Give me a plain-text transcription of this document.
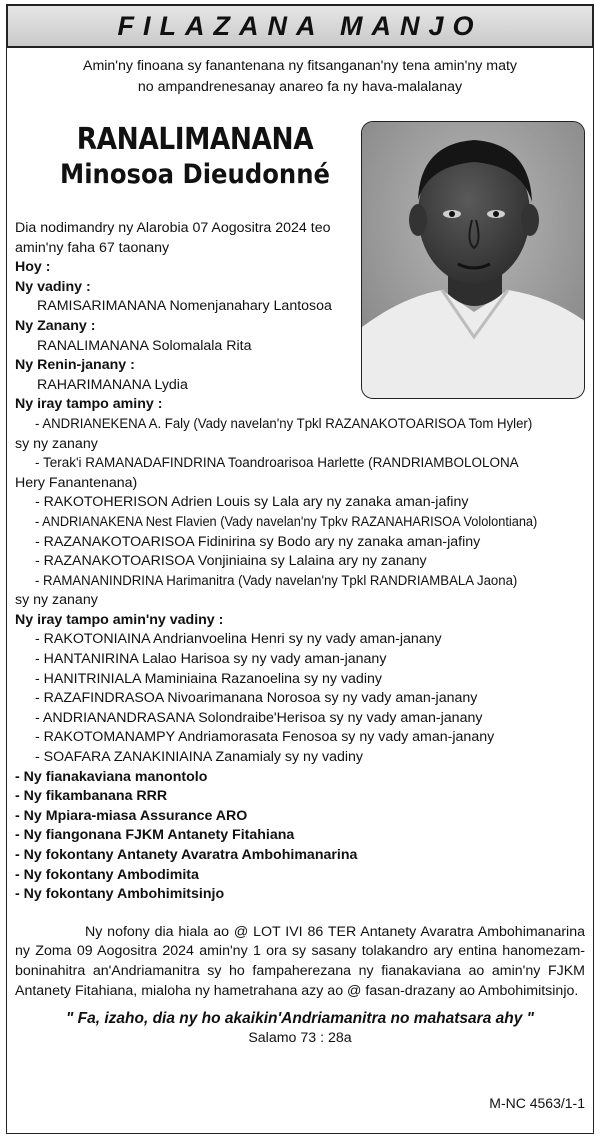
FILAZANA MANJO
Amin'ny finoana sy fanantenana ny fitsanganan'ny tena amin'ny maty
no ampandrenesanay anareo fa ny hava-malalanay
RANALIMANANA
Minosoa Dieudonné
Dia nodimandry ny Alarobia 07 Aogositra 2024 teo
amin'ny faha 67 taonany
Hoy :
Ny vadiny :
RAMISARIMANANA Nomenjanahary Lantosoa
Ny Zanany :
RANALIMANANA Solomalala Rita
Ny Renin-janany :
RAHARIMANANA Lydia
Ny iray tampo aminy :
- ANDRIANEKENA A. Faly (Vady navelan'ny Tpkl RAZANAKOTOARISOA Tom Hyler)
sy ny zanany
- Terak'i RAMANADAFINDRINA Toandroarisoa Harlette (RANDRIAMBOLOLONA
Hery Fanantenana)
- RAKOTOHERISON Adrien Louis sy Lala ary ny zanaka aman-jafiny
- ANDRIANAKENA Nest Flavien (Vady navelan'ny Tpkv RAZANAHARISOA Vololontiana)
- RAZANAKOTOARISOA Fidinirina sy Bodo ary ny zanaka aman-jafiny
- RAZANAKOTOARISOA Vonjiniaina sy Lalaina ary ny zanany
- RAMANANINDRINA Harimanitra (Vady navelan'ny Tpkl RANDRIAMBALA Jaona)
sy ny zanany
Ny iray tampo amin'ny vadiny :
- RAKOTONIAINA Andrianvoelina Henri sy ny vady aman-janany
- HANTANIRINA Lalao Harisoa sy ny vady aman-janany
- HANITRINIALA Maminiaina Razanoelina sy ny vadiny
- RAZAFINDRASOA Nivoarimanana Norosoa sy ny vady aman-janany
- ANDRIANANDRASANA Solondraibe'Herisoa sy ny vady aman-janany
- RAKOTOMANAMPY Andriamorasata Fenosoa sy ny vady aman-janany
- SOAFARA ZANAKINIAINA Zanamialy sy ny vadiny
- Ny fianakaviana manontolo
- Ny fikambanana RRR
- Ny Mpiara-miasa Assurance ARO
- Ny fiangonana FJKM Antanety Fitahiana
- Ny fokontany Antanety Avaratra Ambohimanarina
- Ny fokontany Ambodimita
- Ny fokontany Ambohimitsinjo
Ny nofony dia hiala ao @ LOT IVI 86 TER Antanety Avaratra Ambohimanarina ny Zoma 09 Aogositra 2024 amin'ny 1 ora sy sasany tolakandro ary entina hanomezam-boninahitra an'Andriamanitra sy ho fampaherezana ny fianakaviana ao amin'ny FJKM Antanety Fitahiana, mialoha ny hametrahana azy ao @ fasan-drazany ao Ambohimitsinjo.
" Fa, izaho, dia ny ho akaikin'Andriamanitra no mahatsara ahy "
Salamo 73 : 28a
M-NC 4563/1-1
